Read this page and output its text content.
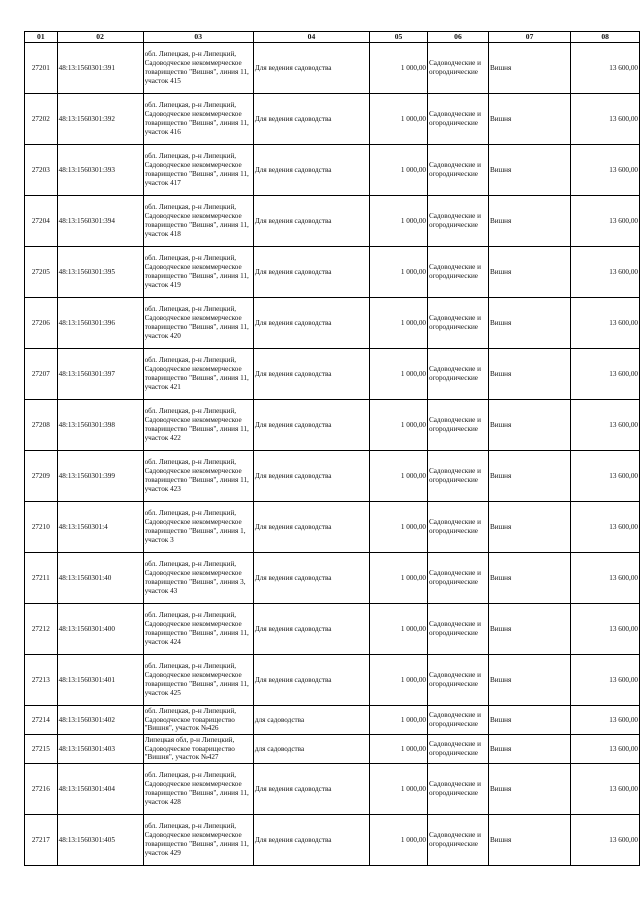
01	02	03	04	05	06	07	08
27201	48:13:1560301:391	обл. Липецкая, р-н Липецкий, Садоводческое некоммерческое товарищество "Вишня", линия 11, участок 415	Для ведения садоводства	1 000,00	Садоводческие и огороднические	Вишня	13 600,00
27202	48:13:1560301:392	обл. Липецкая, р-н Липецкий, Садоводческое некоммерческое товарищество "Вишня", линия 11, участок 416	Для ведения садоводства	1 000,00	Садоводческие и огороднические	Вишня	13 600,00
27203	48:13:1560301:393	обл. Липецкая, р-н Липецкий, Садоводческое некоммерческое товарищество "Вишня", линия 11, участок 417	Для ведения садоводства	1 000,00	Садоводческие и огороднические	Вишня	13 600,00
27204	48:13:1560301:394	обл. Липецкая, р-н Липецкий, Садоводческое некоммерческое товарищество "Вишня", линия 11, участок 418	Для ведения садоводства	1 000,00	Садоводческие и огороднические	Вишня	13 600,00
27205	48:13:1560301:395	обл. Липецкая, р-н Липецкий, Садоводческое некоммерческое товарищество "Вишня", линия 11, участок 419	Для ведения садоводства	1 000,00	Садоводческие и огороднические	Вишня	13 600,00
27206	48:13:1560301:396	обл. Липецкая, р-н Липецкий, Садоводческое некоммерческое товарищество "Вишня", линия 11, участок 420	Для ведения садоводства	1 000,00	Садоводческие и огороднические	Вишня	13 600,00
27207	48:13:1560301:397	обл. Липецкая, р-н Липецкий, Садоводческое некоммерческое товарищество "Вишня", линия 11, участок 421	Для ведения садоводства	1 000,00	Садоводческие и огороднические	Вишня	13 600,00
27208	48:13:1560301:398	обл. Липецкая, р-н Липецкий, Садоводческое некоммерческое товарищество "Вишня", линия 11, участок 422	Для ведения садоводства	1 000,00	Садоводческие и огороднические	Вишня	13 600,00
27209	48:13:1560301:399	обл. Липецкая, р-н Липецкий, Садоводческое некоммерческое товарищество "Вишня", линия 11, участок 423	Для ведения садоводства	1 000,00	Садоводческие и огороднические	Вишня	13 600,00
27210	48:13:1560301:4	обл. Липецкая, р-н Липецкий, Садоводческое некоммерческое товарищество "Вишня", линия 1, участок 3	Для ведения садоводства	1 000,00	Садоводческие и огороднические	Вишня	13 600,00
27211	48:13:1560301:40	обл. Липецкая, р-н Липецкий, Садоводческое некоммерческое товарищество "Вишня", линия 3, участок 43	Для ведения садоводства	1 000,00	Садоводческие и огороднические	Вишня	13 600,00
27212	48:13:1560301:400	обл. Липецкая, р-н Липецкий, Садоводческое некоммерческое товарищество "Вишня", линия 11, участок 424	Для ведения садоводства	1 000,00	Садоводческие и огороднические	Вишня	13 600,00
27213	48:13:1560301:401	обл. Липецкая, р-н Липецкий, Садоводческое некоммерческое товарищество "Вишня", линия 11, участок 425	Для ведения садоводства	1 000,00	Садоводческие и огороднические	Вишня	13 600,00
27214	48:13:1560301:402	обл. Липецкая, р-н Липецкий, Садоводческое товарищество "Вишня", участок №426	для садоводства	1 000,00	Садоводческие и огороднические	Вишня	13 600,00
27215	48:13:1560301:403	Липецкая обл, р-н Липецкий, Садоводческое товарищество "Вишня", участок №427	для садоводства	1 000,00	Садоводческие и огороднические	Вишня	13 600,00
27216	48:13:1560301:404	обл. Липецкая, р-н Липецкий, Садоводческое некоммерческое товарищество "Вишня", линия 11, участок 428	Для ведения садоводства	1 000,00	Садоводческие и огороднические	Вишня	13 600,00
27217	48:13:1560301:405	обл. Липецкая, р-н Липецкий, Садоводческое некоммерческое товарищество "Вишня", линия 11, участок 429	Для ведения садоводства	1 000,00	Садоводческие и огороднические	Вишня	13 600,00
